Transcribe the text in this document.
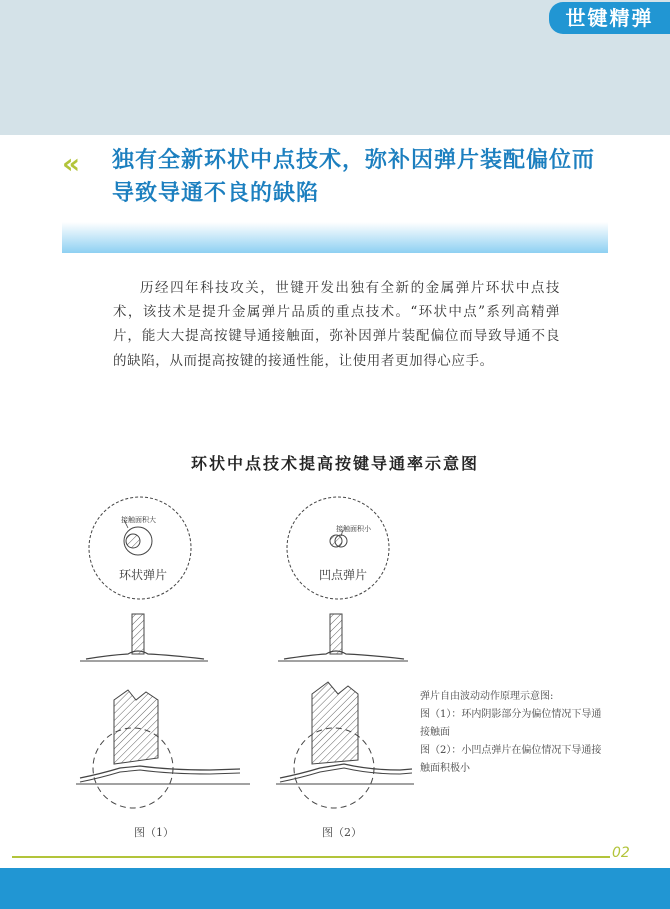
世键精弹
« 独有全新环状中点技术，弥补因弹片装配偏位而
导致导通不良的缺陷
历经四年科技攻关，世键开发出独有全新的金属弹片环状中点技术，该技术是提升金属弹片品质的重点技术。“环状中点”系列高精弹片，能大大提高按键导通接触面，弥补因弹片装配偏位而导致导通不良的缺陷，从而提高按键的接通性能，让使用者更加得心应手。
环状中点技术提高按键导通率示意图
接触面积大
环状弹片
接触面积小
凹点弹片
弹片自由波动动作原理示意图:
图（1）：环内阴影部分为偏位情况下导通接触面
图（2）：小凹点弹片在偏位情况下导通接触面积极小
图（1）	图（2）
02
